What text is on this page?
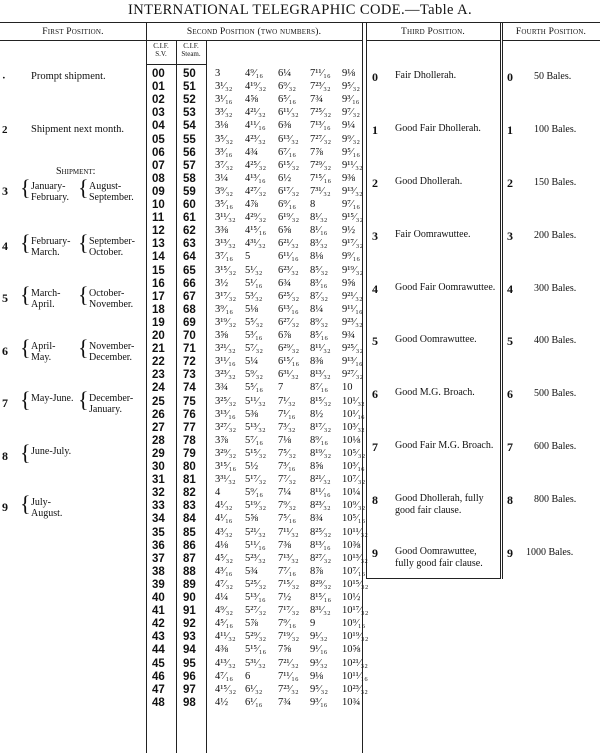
INTERNATIONAL TELEGRAPHIC CODE.—Table A.
First Position.	Second Position (two numbers).	Third Position.	Fourth Position.
C.I.F. S.V.
C.I.F. Steam.
· Prompt shipment.
2 Shipment next month.
Shipment:
3 { January-February. { August-September.
4 { February-March. { September-October.
5 { March-April.	{ October-November.
6 { April-May.	{ November-December.
7 { May-June. { December-January.
8 { June-July.
9 { July-August.
00 50 3 4⁹⁄₁₆ 6¼ 7¹¹⁄₁₆ 9⅛
01 51 3¹⁄₃₂ 4¹⁹⁄₃₂ 6⁹⁄₃₂ 7²³⁄₃₂ 9⁵⁄₃₂
02 52 3¹⁄₁₆ 4⅝ 6⁵⁄₁₆ 7¾ 9³⁄₁₆
03 53 3³⁄₃₂ 4²¹⁄₃₂ 6¹¹⁄₃₂ 7²⁵⁄₃₂ 9⁷⁄₃₂
04 54 3⅛ 4¹¹⁄₁₆ 6⅜ 7¹³⁄₁₆ 9¼
05 55 3⁵⁄₃₂ 4²³⁄₃₂ 6¹³⁄₃₂ 7²⁷⁄₃₂ 9⁹⁄₃₂
06 56 3³⁄₁₆ 4¾ 6⁷⁄₁₆ 7⅞ 9⁵⁄₁₆
07 57 3⁷⁄₃₂ 4²⁵⁄₃₂ 6¹⁵⁄₃₂ 7²⁹⁄₃₂ 9¹¹⁄₃₂
08 58 3¼ 4¹³⁄₁₆ 6½ 7¹⁵⁄₁₆ 9⅜
09 59 3⁹⁄₃₂ 4²⁷⁄₃₂ 6¹⁷⁄₃₂ 7³¹⁄₃₂ 9¹³⁄₃₂
10 60 3⁵⁄₁₆ 4⅞ 6⁹⁄₁₆ 8	9⁷⁄₁₆
11 61 3¹¹⁄₃₂ 4²⁹⁄₃₂ 6¹⁹⁄₃₂ 8¹⁄₃₂ 9¹⁵⁄₃₂
12 62 3⅜ 4¹⁵⁄₁₆ 6⅝ 8¹⁄₁₆ 9½
13 63 3¹³⁄₃₂ 4³¹⁄₃₂ 6²¹⁄₃₂ 8³⁄₃₂ 9¹⁷⁄₃₂
14 64 3⁷⁄₁₆ 5	6¹¹⁄₁₆ 8⅛ 9⁹⁄₁₆
15 65 3¹⁵⁄₃₂ 5¹⁄₃₂ 6²³⁄₃₂ 8⁵⁄₃₂ 9¹⁹⁄₃₂
16 66 3½ 5¹⁄₁₆ 6¾ 8³⁄₁₆ 9⅝
17 67 3¹⁷⁄₃₂ 5³⁄₃₂ 6²⁵⁄₃₂ 8⁷⁄₃₂ 9²¹⁄₃₂
18 68 3⁹⁄₁₆ 5⅛ 6¹³⁄₁₆ 8¼ 9¹¹⁄₁₆
19 69 3¹⁹⁄₃₂ 5⁵⁄₃₂ 6²⁷⁄₃₂ 8⁹⁄₃₂ 9²³⁄₃₂
20 70 3⅝ 5³⁄₁₆ 6⅞ 8⁵⁄₁₆ 9¾
21 71 3²¹⁄₃₂ 5⁷⁄₃₂ 6²⁹⁄₃₂ 8¹¹⁄₃₂ 9²⁵⁄₃₂
22 72 3¹¹⁄₁₆ 5¼ 6¹⁵⁄₁₆ 8⅜ 9¹³⁄₁₆
23 73 3²³⁄₃₂ 5⁹⁄₃₂ 6³¹⁄₃₂ 8¹³⁄₃₂ 9²⁷⁄₃₂
24 74 3¾ 5⁵⁄₁₆ 7	8⁷⁄₁₆ 10
25 75 3²⁵⁄₃₂ 5¹¹⁄₃₂ 7¹⁄₃₂ 8¹⁵⁄₃₂ 10¹⁄₃₂
26 76 3¹³⁄₁₆ 5⅜ 7¹⁄₁₆ 8½ 10¹⁄₁₆
27 77 3²⁷⁄₃₂ 5¹³⁄₃₂ 7³⁄₃₂ 8¹⁷⁄₃₂ 10³⁄₃₂
28 78 3⅞ 5⁷⁄₁₆ 7⅛ 8⁹⁄₁₆ 10⅛
29 79 3²⁹⁄₃₂ 5¹⁵⁄₃₂ 7⁵⁄₃₂ 8¹⁹⁄₃₂ 10⁵⁄₃₂
30 80 3¹⁵⁄₁₆ 5½ 7³⁄₁₆ 8⅝ 10³⁄₁₆
31 81 3³¹⁄₃₂ 5¹⁷⁄₃₂ 7⁷⁄₃₂ 8²¹⁄₃₂ 10⁷⁄₃₂
32 82 4 5⁹⁄₁₆ 7¼ 8¹¹⁄₁₆ 10¼
33 83 4¹⁄₃₂ 5¹⁹⁄₃₂ 7⁹⁄₃₂ 8²³⁄₃₂ 10⁹⁄₃₂
34 84 4¹⁄₁₆ 5⅝ 7⁵⁄₁₆ 8¾ 10⁵⁄₁₆
35 85 4³⁄₃₂ 5²¹⁄₃₂ 7¹¹⁄₃₂ 8²⁵⁄₃₂ 10¹¹⁄₃₂
36 86 4⅛ 5¹¹⁄₁₆ 7⅜ 8¹³⁄₁₆ 10⅜
37 87 4⁵⁄₃₂ 5²³⁄₃₂ 7¹³⁄₃₂ 8²⁷⁄₃₂ 10¹³⁄₃₂
38 88 4³⁄₁₆ 5¾ 7⁷⁄₁₆ 8⅞ 10⁷⁄₁₆
39 89 4⁷⁄₃₂ 5²⁵⁄₃₂ 7¹⁵⁄₃₂ 8²⁹⁄₃₂ 10¹⁵⁄₃₂
40 90 4¼ 5¹³⁄₁₆ 7½ 8¹⁵⁄₁₆ 10½
41 91 4⁹⁄₃₂ 5²⁷⁄₃₂ 7¹⁷⁄₃₂ 8³¹⁄₃₂ 10¹⁷⁄₃₂
42 92 4⁵⁄₁₆ 5⅞ 7⁹⁄₁₆ 9	10⁹⁄₁₆
43 93 4¹¹⁄₃₂ 5²⁹⁄₃₂ 7¹⁹⁄₃₂ 9¹⁄₃₂ 10¹⁹⁄₃₂
44 94 4⅜ 5¹⁵⁄₁₆ 7⅝ 9¹⁄₁₆ 10⅝
45 95 4¹³⁄₃₂ 5³¹⁄₃₂ 7²¹⁄₃₂ 9³⁄₃₂ 10²¹⁄₃₂
46 96 4⁷⁄₁₆ 6	7¹¹⁄₁₆ 9⅛ 10¹¹⁄₁₆
47 97 4¹⁵⁄₃₂ 6¹⁄₃₂ 7²³⁄₃₂ 9⁵⁄₃₂ 10²³⁄₃₂
48 98 4½ 6¹⁄₁₆ 7¾ 9³⁄₁₆ 10¾
0 Fair Dhollerah.
1 Good Fair Dhollerah.
2 Good Dhollerah.
3 Fair Oomrawuttee.
4 Good Fair Oomrawuttee.
5 Good Oomrawuttee.
6 Good M.G. Broach.
7 Good Fair M.G. Broach.
8 Good Dhollerah, fully good fair clause.
9 Good Oomrawuttee, fully good fair clause.
0 50 Bales.
1 100 Bales.
2 150 Bales.
3 200 Bales.
4 300 Bales.
5 400 Bales.
6 500 Bales.
7 600 Bales.
8 800 Bales.
9 1000 Bales.
